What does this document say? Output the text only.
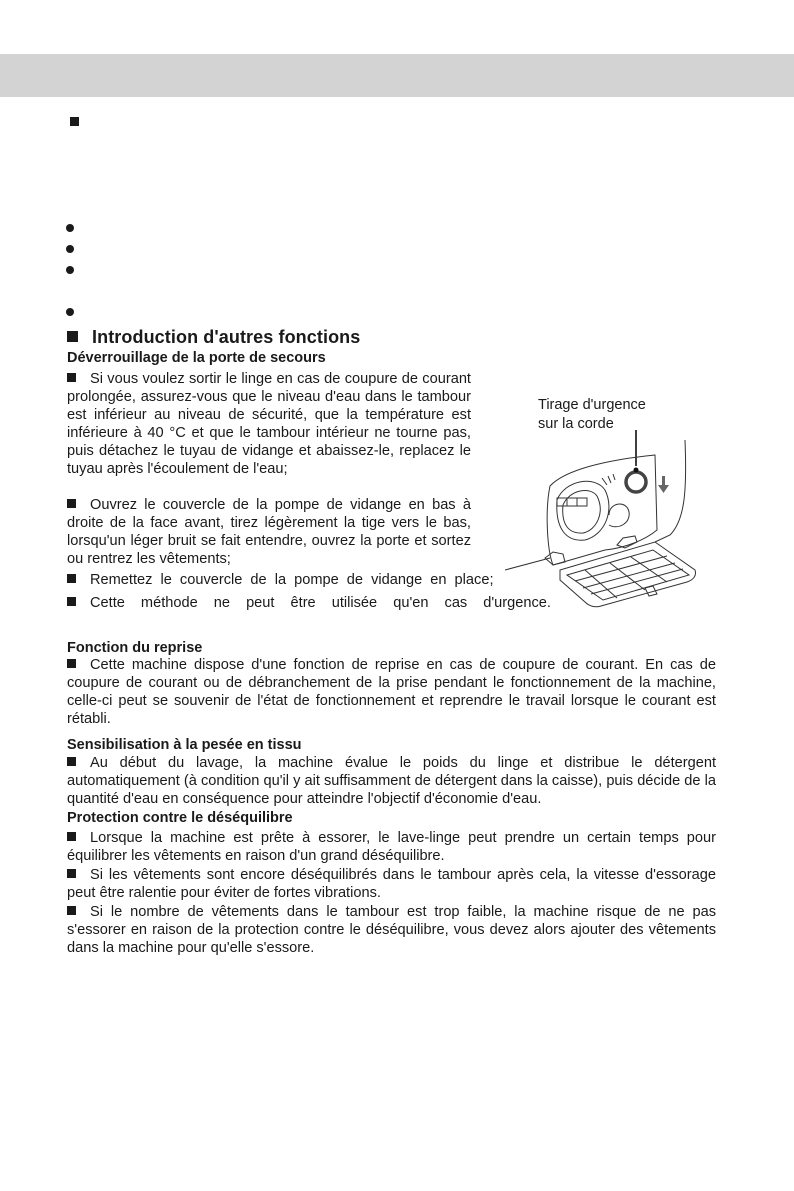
Introduction d'autres fonctions
Déverrouillage de la porte de secours
Si vous voulez sortir le linge en cas de coupure de courant prolongée, assurez-vous que le niveau d'eau dans le tambour est inférieur au niveau de sécurité, que la température est inférieure à 40 °C et que le tambour intérieur ne tourne pas, puis détachez le tuyau de vidange et abaissez-le, replacez le tuyau après l'écoulement de l'eau;
Ouvrez le couvercle de la pompe de vidange en bas à droite de la face avant, tirez légèrement la tige vers le bas, lorsqu'un léger bruit se fait entendre, ouvrez la porte et sortez ou rentrez les vêtements;
Remettez le couvercle de la pompe de vidange en place;
Cette méthode ne peut être utilisée qu'en cas d'urgence.
Tirage d'urgence
sur la corde
Fonction du reprise
Cette machine dispose d'une fonction de reprise en cas de coupure de courant. En cas de coupure de courant ou de débranchement de la prise pendant le fonctionnement de la machine, celle-ci peut se souvenir de l'état de fonctionnement et reprendre le travail lorsque le courant est rétabli.
Sensibilisation à la pesée en tissu
Au début du lavage, la machine évalue le poids du linge et distribue le détergent automatiquement (à condition qu'il y ait suffisamment de détergent dans la caisse), puis décide de la quantité d'eau en conséquence pour atteindre l'objectif d'économie d'eau.
Protection contre le déséquilibre
Lorsque la machine est prête à essorer, le lave-linge peut prendre un certain temps pour équilibrer les vêtements en raison d'un grand déséquilibre.
Si les vêtements sont encore déséquilibrés dans le tambour après cela, la vitesse d'essorage peut être ralentie pour éviter de fortes vibrations.
Si le nombre de vêtements dans le tambour est trop faible, la machine risque de ne pas s'essorer en raison de la protection contre le déséquilibre, vous devez alors ajouter des vêtements dans la machine pour qu'elle s'essore.
